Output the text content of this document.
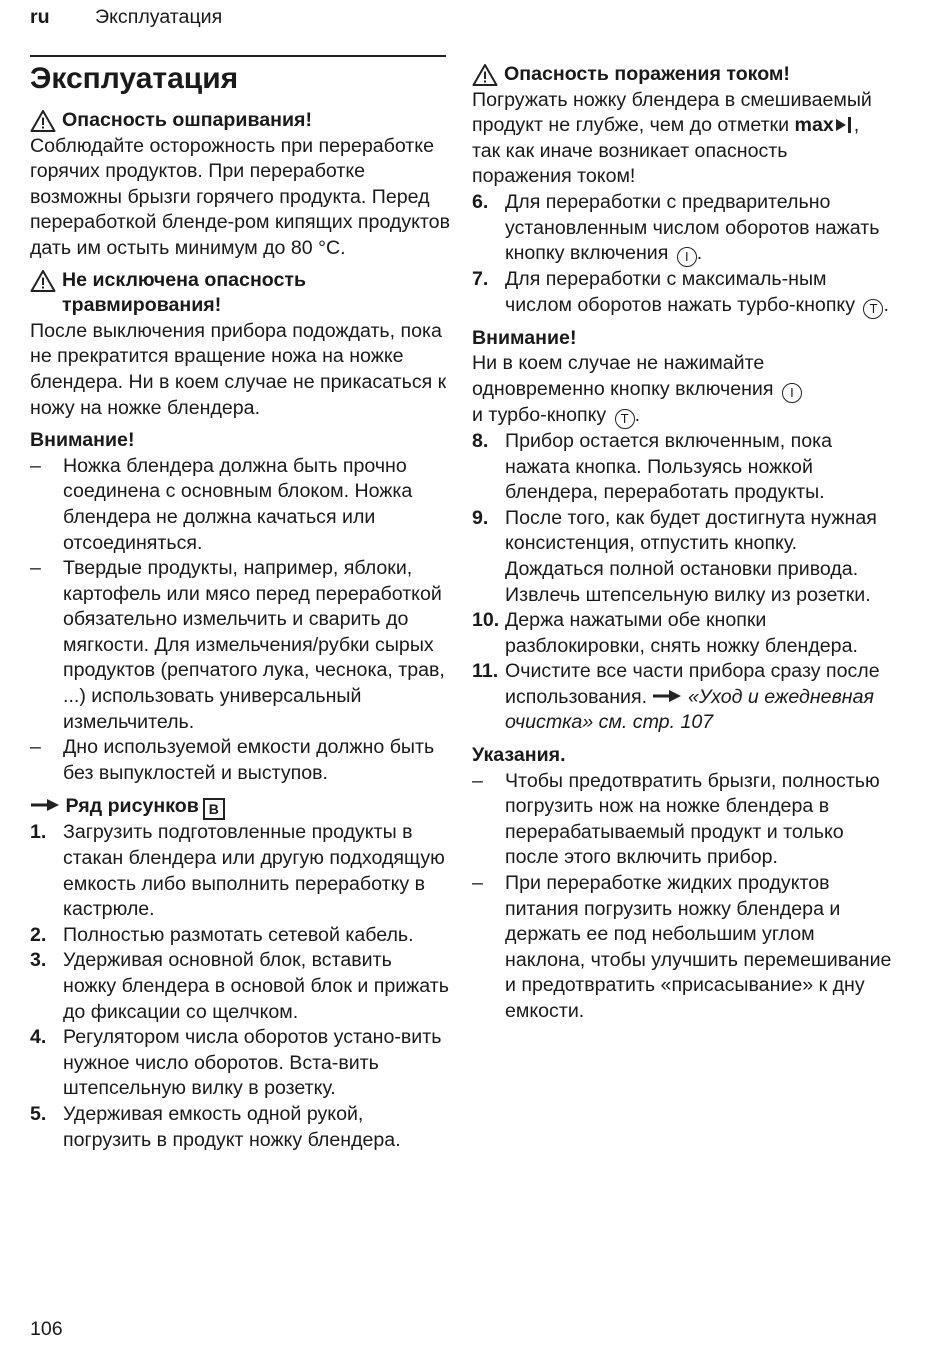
ru Эксплуатация
Эксплуатация
Опасность ошпаривания!

Соблюдайте осторожность при переработке горячих продуктов. При переработке возможны брызги горячего продукта. Перед переработкой бленде-ром кипящих продуктов дать им остыть минимум до 80 °C.

Не исключена опасность травмирования!

После выключения прибора подождать, пока не прекратится вращение ножа на ножке блендера. Ни в коем случае не прикасаться к ножу на ножке блендера.

Внимание!
–	Ножка блендера должна быть прочно соединена с основным блоком. Ножка блендера не должна качаться или отсоединяться.
–	Твердые продукты, например, яблоки, картофель или мясо перед переработкой обязательно измельчить и сварить до мягкости. Для измельчения/рубки сырых продуктов (репчатого лука, чеснока, трав, ...) использовать универсальный измельчитель.
–	Дно используемой емкости должно быть без выпуклостей и выступов.
Ряд рисунков B
1. Загрузить подготовленные продукты в стакан блендера или другую подходящую емкость либо выполнить переработку в кастрюле.
2. Полностью размотать сетевой кабель.
3. Удерживая основной блок, вставить ножку блендера в основой блок и прижать до фиксации со щелчком.
4. Регулятором числа оборотов устано-вить нужное число оборотов. Вста-вить штепсельную вилку в розетку.
5. Удерживая емкость одной рукой, погрузить в продукт ножку блендера.
Опасность поражения током!

Погружать ножку блендера в смешиваемый продукт не глубже, чем до отметки max , так как иначе возникает опасность поражения током!

6. Для переработки с предварительно установленным числом оборотов нажать кнопку включения I .
7. Для переработки с максималь-ным числом оборотов нажать турбо-кнопку T .
Внимание!

Ни в коем случае не нажимайте одновременно кнопку включения I
и турбо-кнопку T .

8. Прибор остается включенным, пока нажата кнопка. Пользуясь ножкой блендера, переработать продукты.
9. После того, как будет достигнута нужная консистенция, отпустить кнопку. Дождаться полной остановки привода. Извлечь штепсельную вилку из розетки.
10. Держа нажатыми обе кнопки разблокировки, снять ножку блендера.
11. Очистите все части прибора сразу после использования. «Уход и ежедневная очистка» см. стр. 107
Указания.
–	Чтобы предотвратить брызги, полностью погрузить нож на ножке блендера в перерабатываемый продукт и только после этого включить прибор.
–	При переработке жидких продуктов питания погрузить ножку блендера и держать ее под небольшим углом наклона, чтобы улучшить перемешивание и предотвратить «присасывание» к дну емкости.
106
